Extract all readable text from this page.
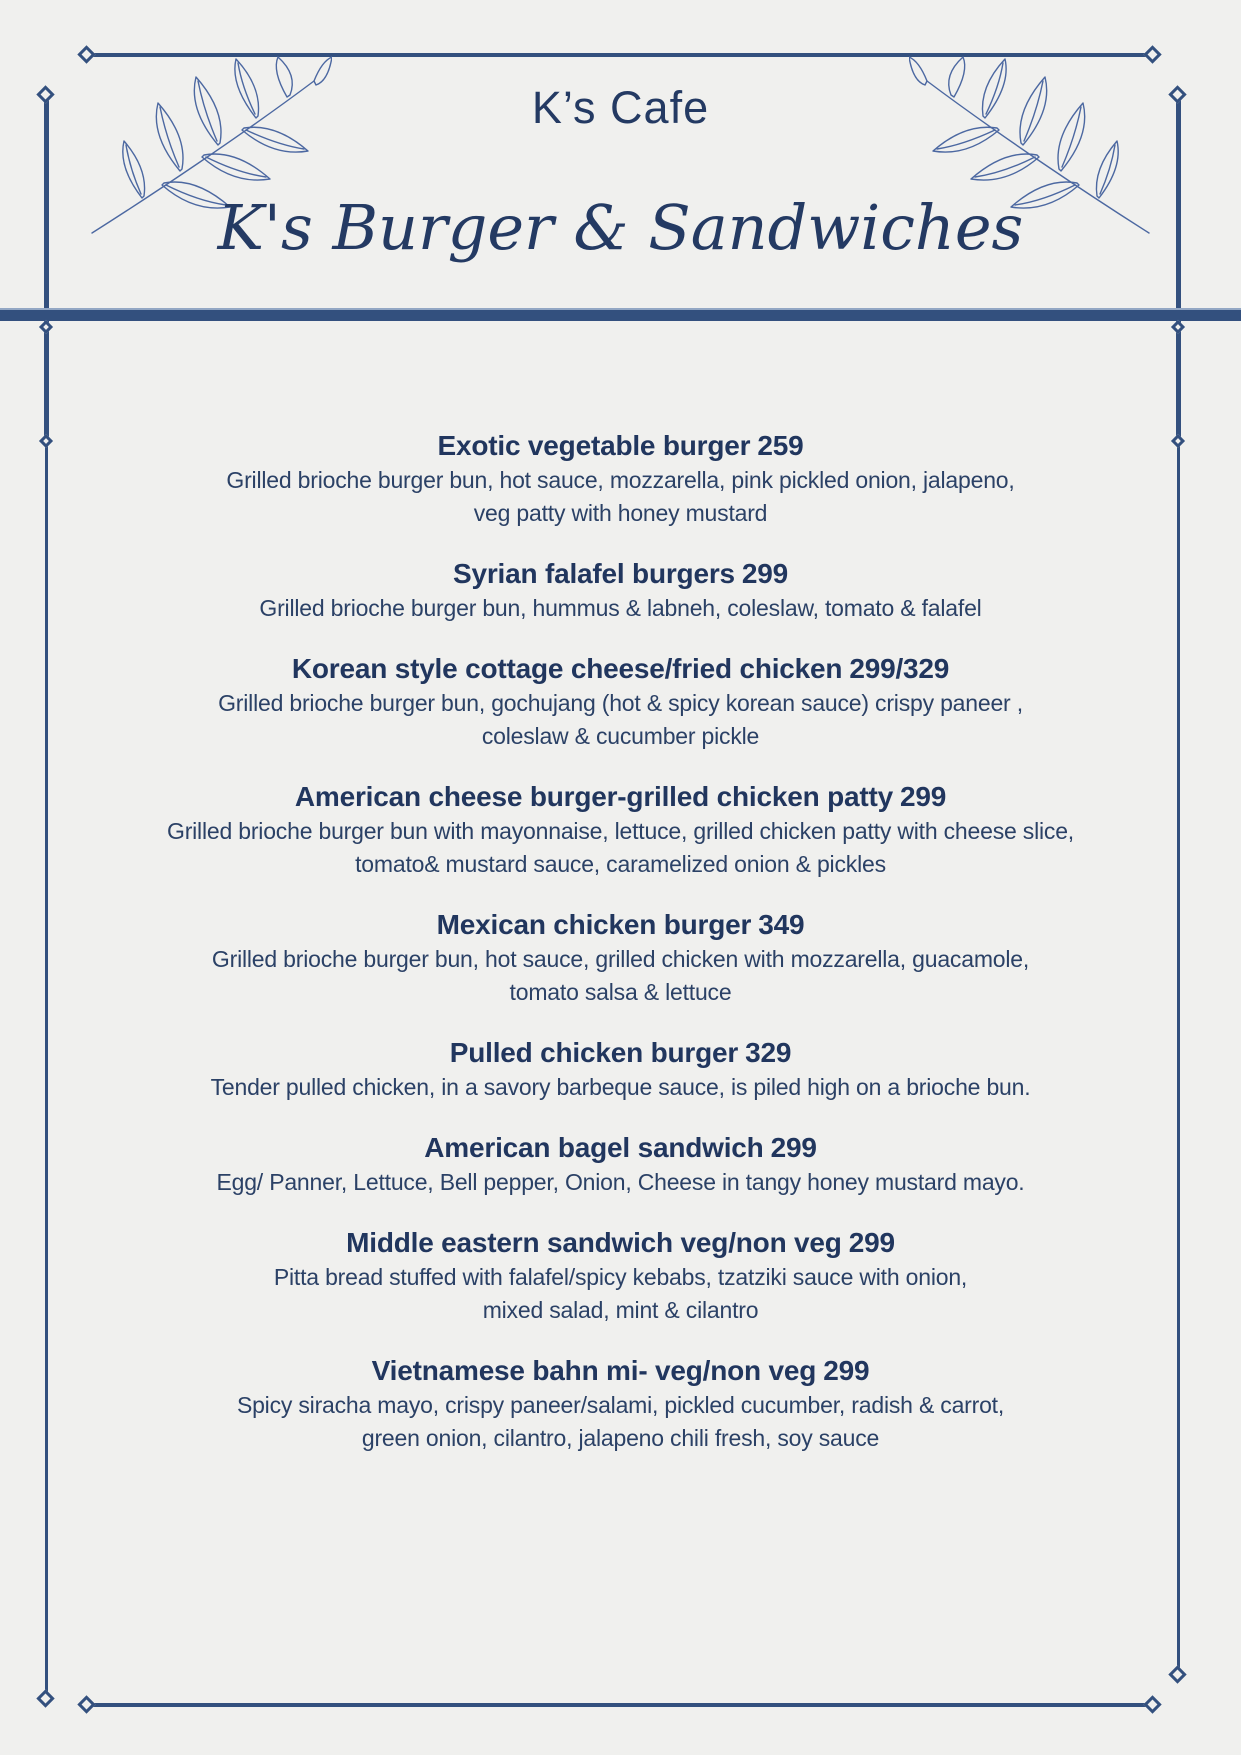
K’s Cafe
K's Burger & Sandwiches
Exotic vegetable burger 259
Grilled brioche burger bun, hot sauce, mozzarella, pink pickled onion, jalapeno,
veg patty with honey mustard
Syrian falafel burgers 299
Grilled brioche burger bun, hummus & labneh, coleslaw, tomato & falafel
Korean style cottage cheese/fried chicken 299/329
Grilled brioche burger bun, gochujang (hot & spicy korean sauce) crispy paneer ,
coleslaw & cucumber pickle
American cheese burger-grilled chicken patty 299
Grilled brioche burger bun with mayonnaise, lettuce, grilled chicken patty with cheese slice,
tomato& mustard sauce, caramelized onion & pickles
Mexican chicken burger 349
Grilled brioche burger bun, hot sauce, grilled chicken with mozzarella, guacamole,
tomato salsa & lettuce
Pulled chicken burger 329
Tender pulled chicken, in a savory barbeque sauce, is piled high on a brioche bun.
American bagel sandwich 299
Egg/ Panner, Lettuce, Bell pepper, Onion, Cheese in tangy honey mustard mayo.
Middle eastern sandwich veg/non veg 299
Pitta bread stuffed with falafel/spicy kebabs, tzatziki sauce with onion,
mixed salad, mint & cilantro
Vietnamese bahn mi- veg/non veg 299
Spicy siracha mayo, crispy paneer/salami, pickled cucumber, radish & carrot,
green onion, cilantro, jalapeno chili fresh, soy sauce
